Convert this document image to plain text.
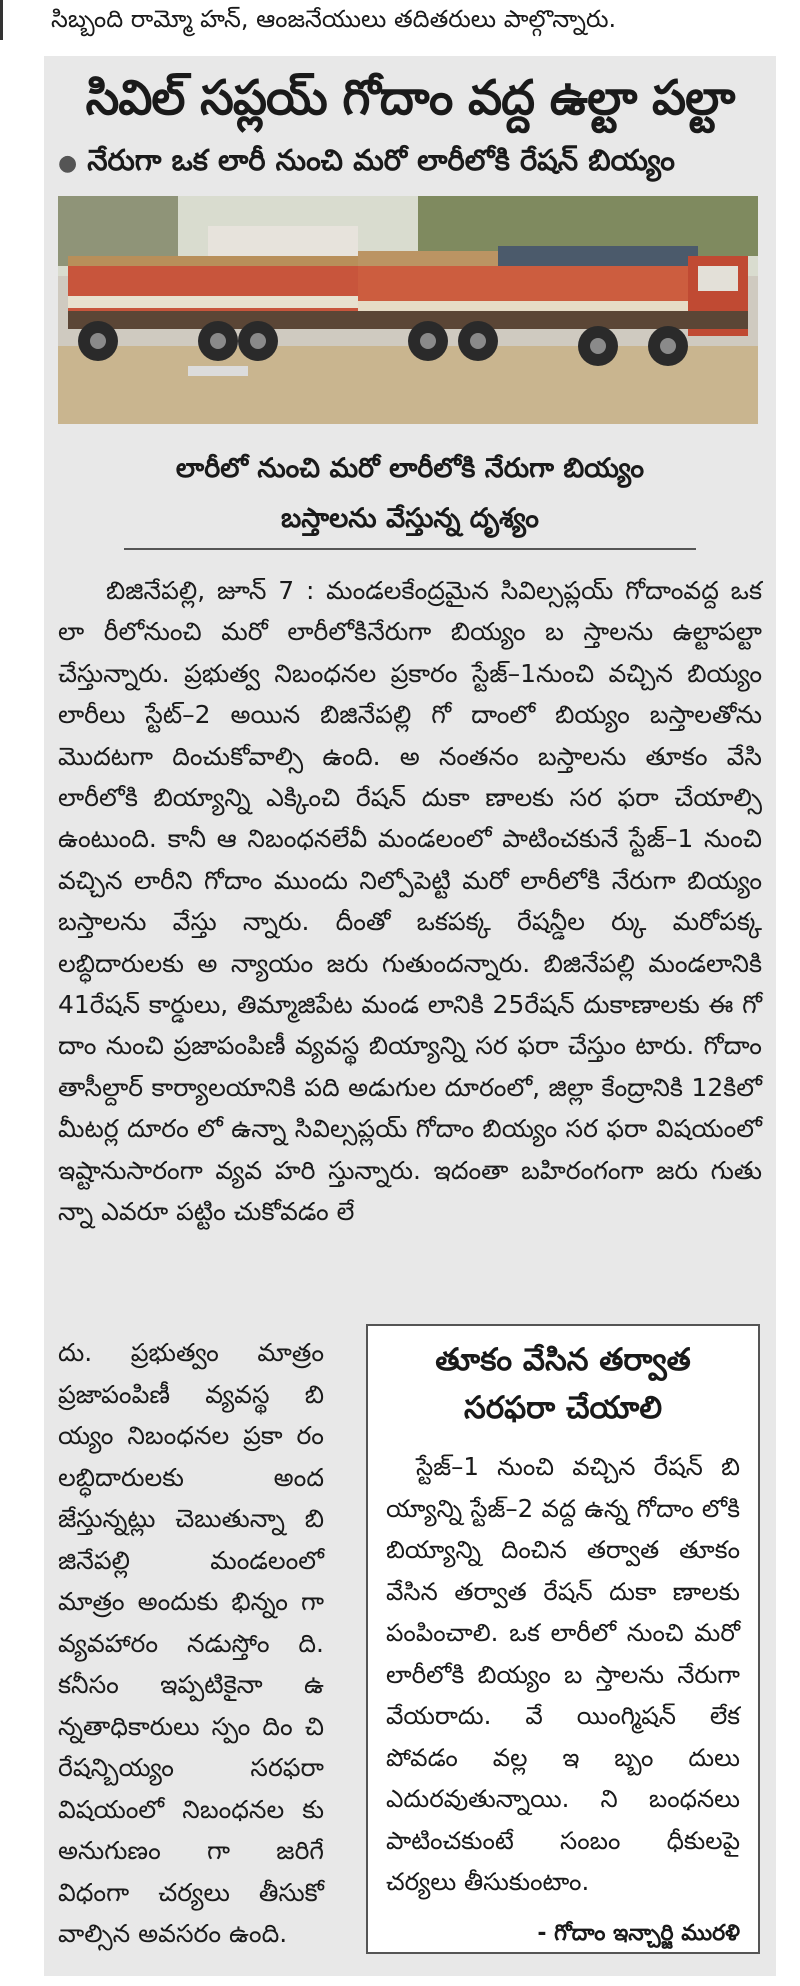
సిబ్బంది రామ్మో హన్, ఆంజనేయులు తదితరులు పాల్గొన్నారు.
సివిల్ సప్లయ్ గోదాం వద్ద ఉల్టా పల్టా
● నేరుగా ఒక లారీ నుంచి మరో లారీలోకి రేషన్ బియ్యం
లారీలో నుంచి మరో లారీలోకి నేరుగా బియ్యం
బస్తాలను వేస్తున్న దృశ్యం

బిజినేపల్లి, జూన్ 7 : మండలకేంద్రమైన సివిల్సప్లయ్ గోదాంవద్ద ఒక లా రీలోనుంచి మరో లారీలోకినేరుగా బియ్యం బ స్తాలను ఉల్టాపల్టా చేస్తున్నారు. ప్రభుత్వ నిబంధనల ప్రకారం స్టేజ్–1నుంచి వచ్చిన బియ్యం లారీలు స్టేట్–2 అయిన బిజినేపల్లి గో దాంలో బియ్యం బస్తాలతోను మొదటగా దించుకోవాల్సి ఉంది. అ నంతనం బస్తాలను తూకం వేసి లారీలోకి బియ్యాన్ని ఎక్కించి రేషన్ దుకా ణాలకు సర ఫరా చేయాల్సి ఉంటుంది. కానీ ఆ నిబంధనలేవీ మండలంలో పాటించకునే స్టేజ్–1 నుంచి వచ్చిన లారీని గోదాం ముందు నిల్పోపెట్టి మరో లారీలోకి నేరుగా బియ్యం బస్తాలను వేస్తు న్నారు. దీంతో ఒకపక్క రేషన్డీల ర్కు మరోపక్క లబ్ధిదారులకు అ న్యాయం జరు గుతుందన్నారు. బిజినేపల్లి మండలానికి 41రేషన్ కార్డులు, తిమ్మాజిపేట మండ లానికి 25రేషన్ దుకాణాలకు ఈ గో దాం నుంచి ప్రజాపంపిణీ వ్యవస్థ బియ్యాన్ని సర ఫరా చేస్తుం టారు. గోదాం తాసీల్దార్ కార్యాలయానికి పది అడుగుల దూరంలో, జిల్లా కేంద్రానికి 12కిలో మీటర్ల దూరం లో ఉన్నా సివిల్సప్లయ్ గోదాం బియ్యం సర ఫరా విషయంలో ఇష్టానుసారంగా వ్యవ హరి స్తున్నారు. ఇదంతా బహిరంగంగా జరు గుతు న్నా ఎవరూ పట్టిం చుకోవడం లే

దు. ప్రభుత్వం మాత్రం ప్రజాపంపిణీ వ్యవస్థ బి య్యం నిబంధనల ప్రకా రం లబ్ధిదారులకు అంద జేస్తున్నట్లు చెబుతున్నా బి జినేపల్లి మండలంలో మాత్రం అందుకు భిన్నం గా వ్యవహారం నడుస్తోం ది. కనీసం ఇప్పటికైనా ఉ న్నతాధికారులు స్పం దిం చి రేషన్బియ్యం సరఫరా విషయంలో నిబంధనల కు అనుగుణం గా జరిగే విధంగా చర్యలు తీసుకో వాల్సిన అవసరం ఉంది.

తూకం వేసిన తర్వాత
సరఫరా చేయాలి

స్టేజ్–1 నుంచి వచ్చిన రేషన్ బి య్యాన్ని స్టేజ్–2 వద్ద ఉన్న గోదాం లోకి బియ్యాన్ని దించిన తర్వాత తూకం వేసిన తర్వాత రేషన్ దుకా ణాలకు పంపించాలి. ఒక లారీలో నుంచి మరో లారీలోకి బియ్యం బ స్తాలను నేరుగా వేయరాదు. వే యింగ్మిషన్ లేక పోవడం వల్ల ఇ బ్బం దులు ఎదురవుతున్నాయి. ని బంధనలు పాటించకుంటే సంబం ధీకులపై చర్యలు తీసుకుంటాం.

- గోదాం ఇన్చార్జి మురళి
